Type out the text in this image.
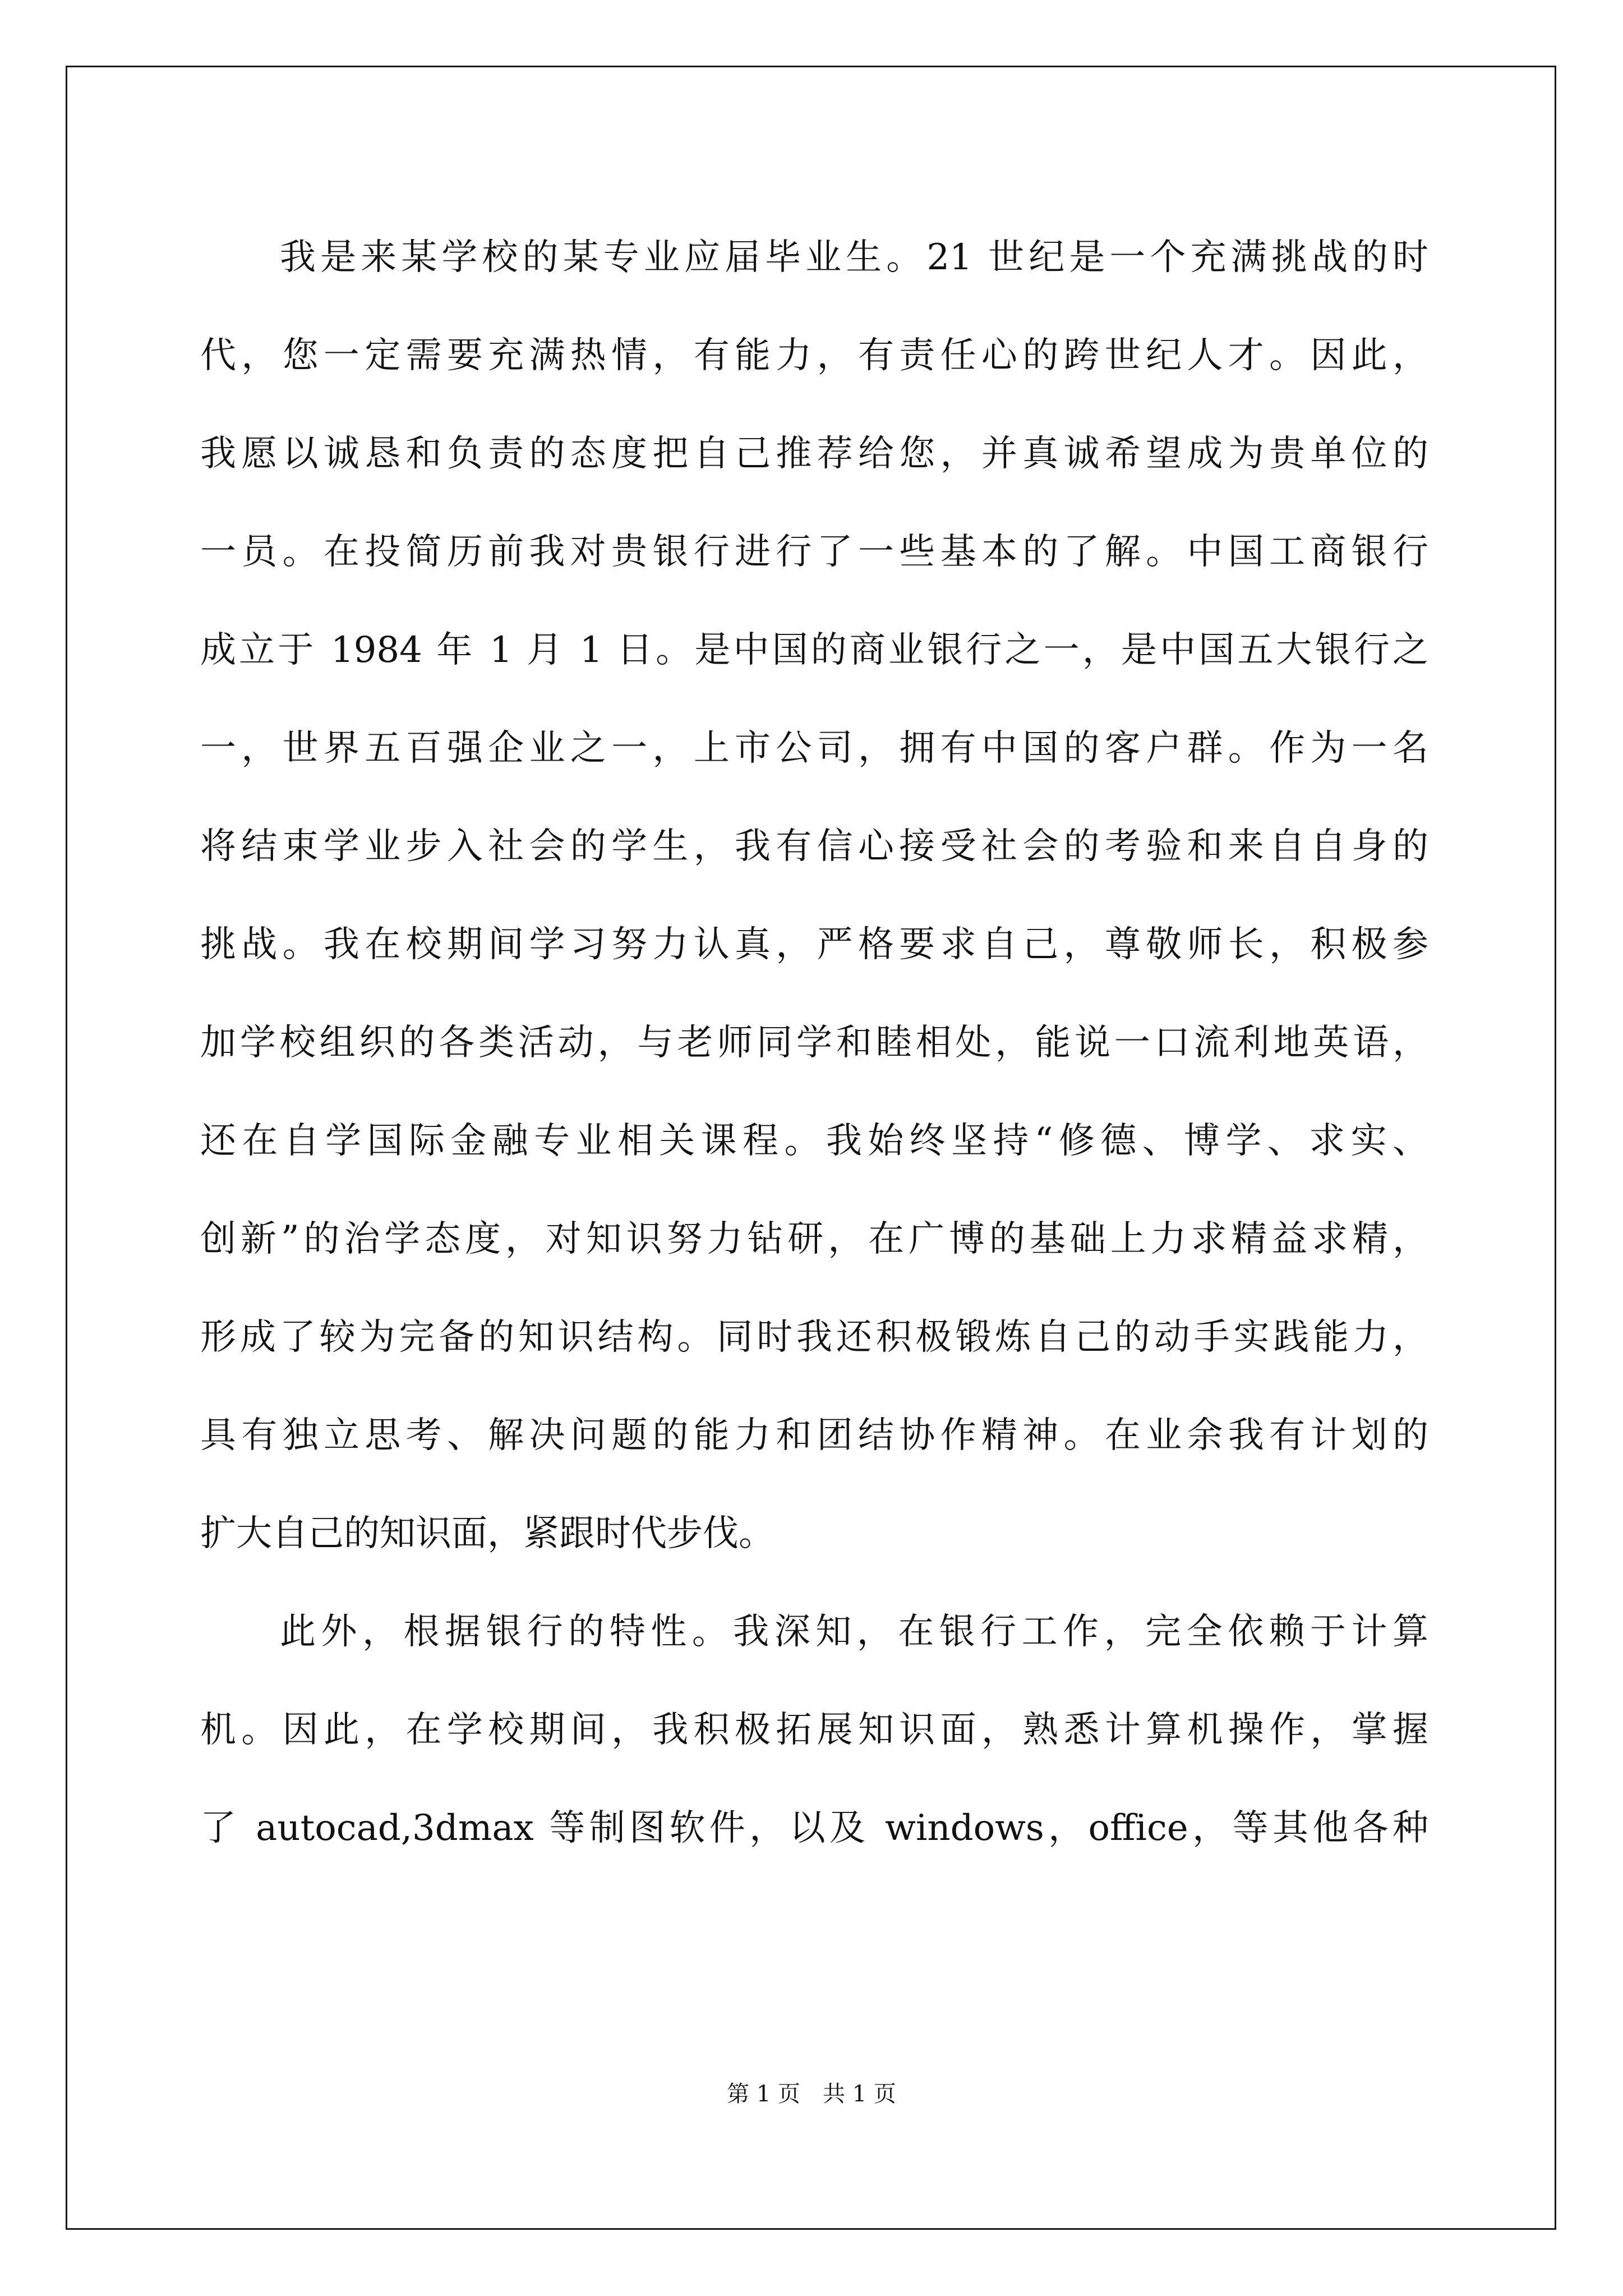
我是来某学校的某专业应届毕业生。21 世纪是一个充满挑战的时
代，您一定需要充满热情，有能力，有责任心的跨世纪人才。因此，
我愿以诚恳和负责的态度把自己推荐给您，并真诚希望成为贵单位的
一员。在投简历前我对贵银行进行了一些基本的了解。中国工商银行
成立于 1984 年 1 月 1 日。是中国的商业银行之一，是中国五大银行之
一，世界五百强企业之一，上市公司，拥有中国的客户群。作为一名
将结束学业步入社会的学生，我有信心接受社会的考验和来自自身的
挑战。我在校期间学习努力认真，严格要求自己，尊敬师长，积极参
加学校组织的各类活动，与老师同学和睦相处，能说一口流利地英语，
还在自学国际金融专业相关课程。我始终坚持“修德、博学、求实、
创新”的治学态度，对知识努力钻研，在广博的基础上力求精益求精，
形成了较为完备的知识结构。同时我还积极锻炼自己的动手实践能力，
具有独立思考、解决问题的能力和团结协作精神。在业余我有计划的
扩大自己的知识面，紧跟时代步伐。
此外，根据银行的特性。我深知，在银行工作，完全依赖于计算
机。因此，在学校期间，我积极拓展知识面，熟悉计算机操作，掌握
了 autocad,3dmax 等制图软件，以及 windows，office，等其他各种
第 1 页　共 1 页
